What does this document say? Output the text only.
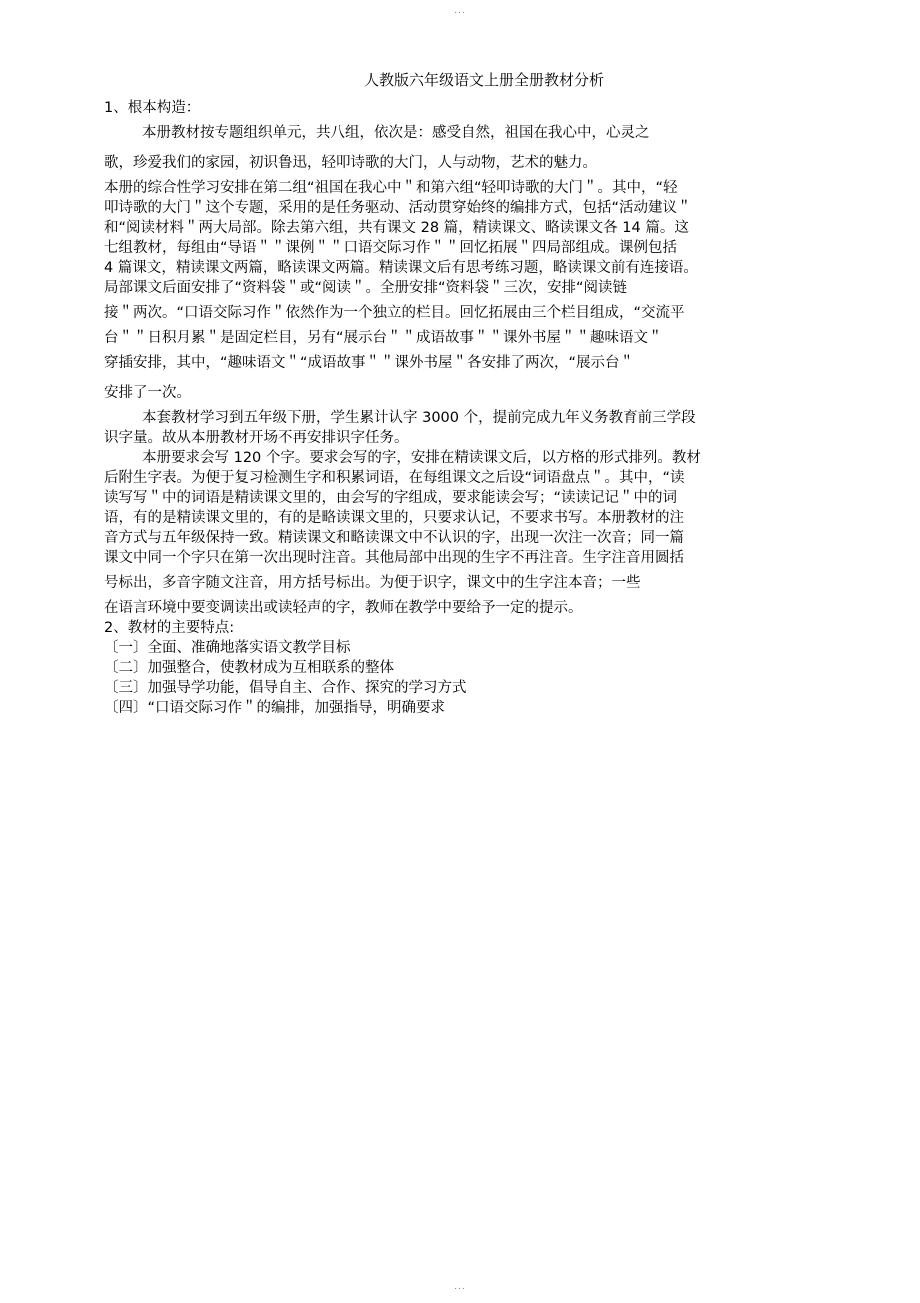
...
人教版六年级语文上册全册教材分析

1、根本构造：

本册教材按专题组织单元，共八组，依次是：感受自然，祖国在我心中，心灵之

歌，珍爱我们的家园，初识鲁迅，轻叩诗歌的大门，人与动物，艺术的魅力。

本册的综合性学习安排在第二组“祖国在我心中＂和第六组“轻叩诗歌的大门＂。其中，“轻

叩诗歌的大门＂这个专题，采用的是任务驱动、活动贯穿始终的编排方式，包括“活动建议＂

和“阅读材料＂两大局部。除去第六组，共有课文 28 篇，精读课文、略读课文各 14 篇。这

七组教材，每组由“导语＂＂课例＂＂口语交际习作＂＂回忆拓展＂四局部组成。课例包括

4 篇课文，精读课文两篇，略读课文两篇。精读课文后有思考练习题，略读课文前有连接语。

局部课文后面安排了“资料袋＂或“阅读＂。全册安排“资料袋＂三次，安排“阅读链

接＂两次。“口语交际习作＂依然作为一个独立的栏目。回忆拓展由三个栏目组成，“交流平

台＂＂日积月累＂是固定栏目，另有“展示台＂＂成语故事＂＂课外书屋＂＂趣味语文＂

穿插安排，其中，“趣味语文＂“成语故事＂＂课外书屋＂各安排了两次，“展示台＂

安排了一次。

本套教材学习到五年级下册，学生累计认字 3000 个，提前完成九年义务教育前三学段

识字量。故从本册教材开场不再安排识字任务。

本册要求会写 120 个字。要求会写的字，安排在精读课文后，以方格的形式排列。教材

后附生字表。为便于复习检测生字和积累词语，在每组课文之后设“词语盘点＂。其中，“读

读写写＂中的词语是精读课文里的，由会写的字组成，要求能读会写；“读读记记＂中的词

语，有的是精读课文里的，有的是略读课文里的，只要求认记，不要求书写。本册教材的注

音方式与五年级保持一致。精读课文和略读课文中不认识的字，出现一次注一次音；同一篇

课文中同一个字只在第一次出现时注音。其他局部中出现的生字不再注音。生字注音用圆括

号标出，多音字随文注音，用方括号标出。为便于识字，课文中的生字注本音；一些

在语言环境中要变调读出或读轻声的字，教师在教学中要给予一定的提示。

2、教材的主要特点:

〔一〕全面、准确地落实语文教学目标

〔二〕加强整合，使教材成为互相联系的整体

〔三〕加强导学功能，倡导自主、合作、探究的学习方式

〔四〕“口语交际习作＂的编排，加强指导，明确要求

...
